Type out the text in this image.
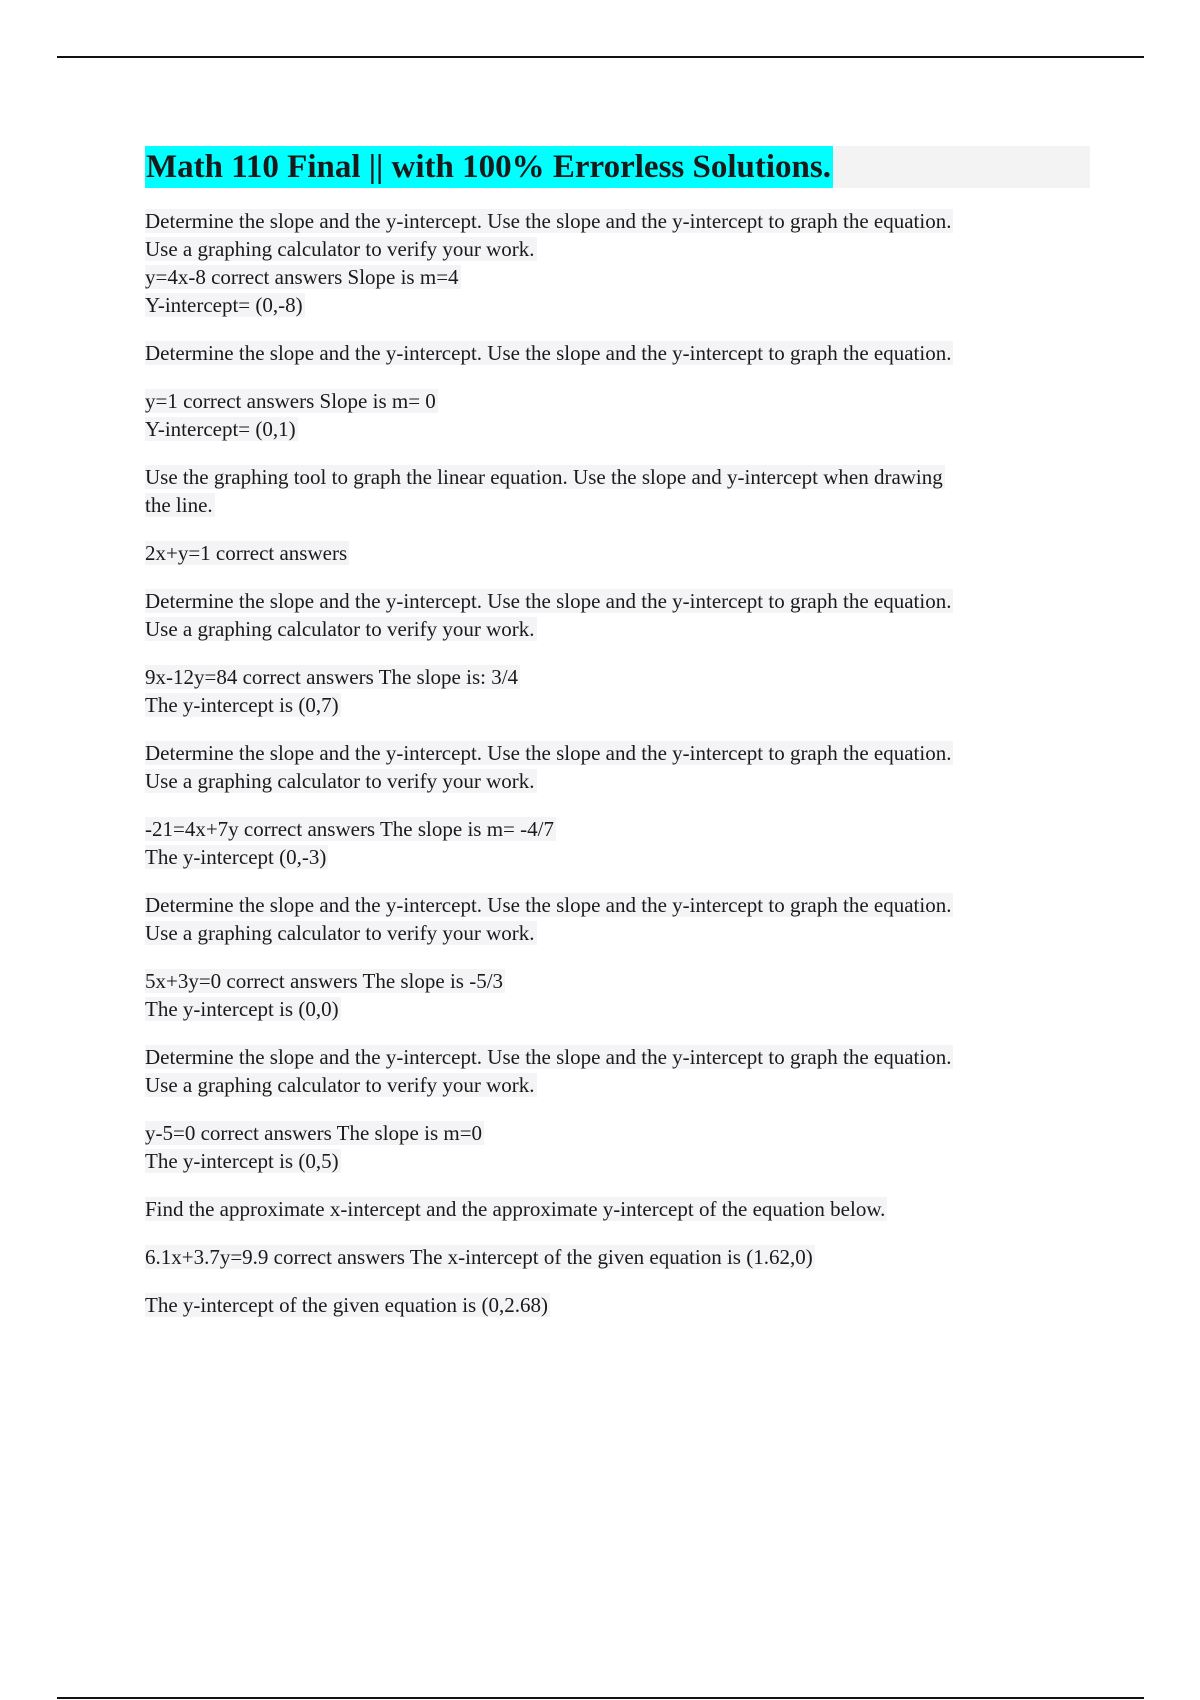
Math 110 Final || with 100% Errorless Solutions.
Determine the slope and the y-intercept. Use the slope and the y-intercept to graph the equation.
Use a graphing calculator to verify your work.
y=4x-8 correct answers Slope is m=4
Y-intercept= (0,-8)
Determine the slope and the y-intercept. Use the slope and the y-intercept to graph the equation.
y=1 correct answers Slope is m= 0
Y-intercept= (0,1)
Use the graphing tool to graph the linear equation. Use the slope and y-intercept when drawing
the line.
2x+y=1 correct answers
Determine the slope and the y-intercept. Use the slope and the y-intercept to graph the equation.
Use a graphing calculator to verify your work.
9x-12y=84 correct answers The slope is: 3/4
The y-intercept is (0,7)
Determine the slope and the y-intercept. Use the slope and the y-intercept to graph the equation.
Use a graphing calculator to verify your work.
-21=4x+7y correct answers The slope is m= -4/7
The y-intercept (0,-3)
Determine the slope and the y-intercept. Use the slope and the y-intercept to graph the equation.
Use a graphing calculator to verify your work.
5x+3y=0 correct answers The slope is -5/3
The y-intercept is (0,0)
Determine the slope and the y-intercept. Use the slope and the y-intercept to graph the equation.
Use a graphing calculator to verify your work.
y-5=0 correct answers The slope is m=0
The y-intercept is (0,5)
Find the approximate x-intercept and the approximate y-intercept of the equation below.
6.1x+3.7y=9.9 correct answers The x-intercept of the given equation is (1.62,0)
The y-intercept of the given equation is (0,2.68)
